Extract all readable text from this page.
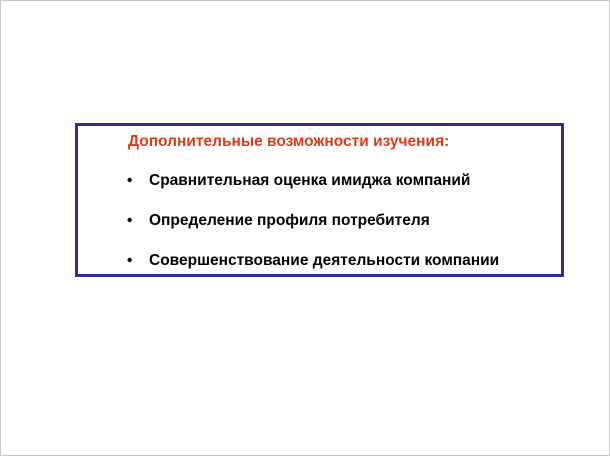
Дополнительные возможности изучения:

•	Сравнительная оценка имиджа компаний
•	Определение профиля потребителя
•	Совершенствование деятельности компании
